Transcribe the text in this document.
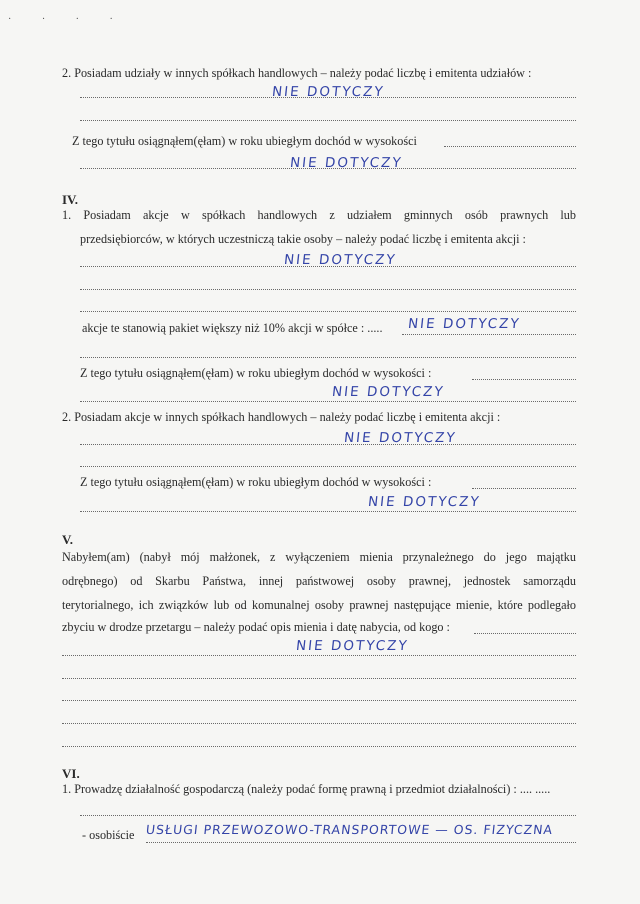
· · · ·
2. Posiadam udziały w innych spółkach handlowych – należy podać liczbę i emitenta udziałów :
NIE DOTYCZY
Z tego tytułu osiągnąłem(ęłam) w roku ubiegłym dochód w wysokości
NIE DOTYCZY
IV.
1. Posiadam akcje w spółkach handlowych z udziałem gminnych osób prawnych lub
przedsiębiorców, w których uczestniczą takie osoby – należy podać liczbę i emitenta akcji :
NIE DOTYCZY
akcje te stanowią pakiet większy niż 10% akcji w spółce : .....	NIE DOTYCZY
Z tego tytułu osiągnąłem(ęłam) w roku ubiegłym dochód w wysokości :
NIE DOTYCZY
2. Posiadam akcje w innych spółkach handlowych – należy podać liczbę i emitenta akcji :
NIE DOTYCZY
Z tego tytułu osiągnąłem(ęłam) w roku ubiegłym dochód w wysokości :
NIE DOTYCZY
V.
Nabyłem(am) (nabył mój małżonek, z wyłączeniem mienia przynależnego do jego majątku
odrębnego) od Skarbu Państwa, innej państwowej osoby prawnej, jednostek samorządu
terytorialnego, ich związków lub od komunalnej osoby prawnej następujące mienie, które podlegało
zbyciu w drodze przetargu – należy podać opis mienia i datę nabycia, od kogo :
NIE DOTYCZY
VI.
1. Prowadzę działalność gospodarczą (należy podać formę prawną i przedmiot działalności) : .... .....
- osobiście USŁUGI PRZEWOZOWO-TRANSPORTOWE — OS. FIZYCZNA
